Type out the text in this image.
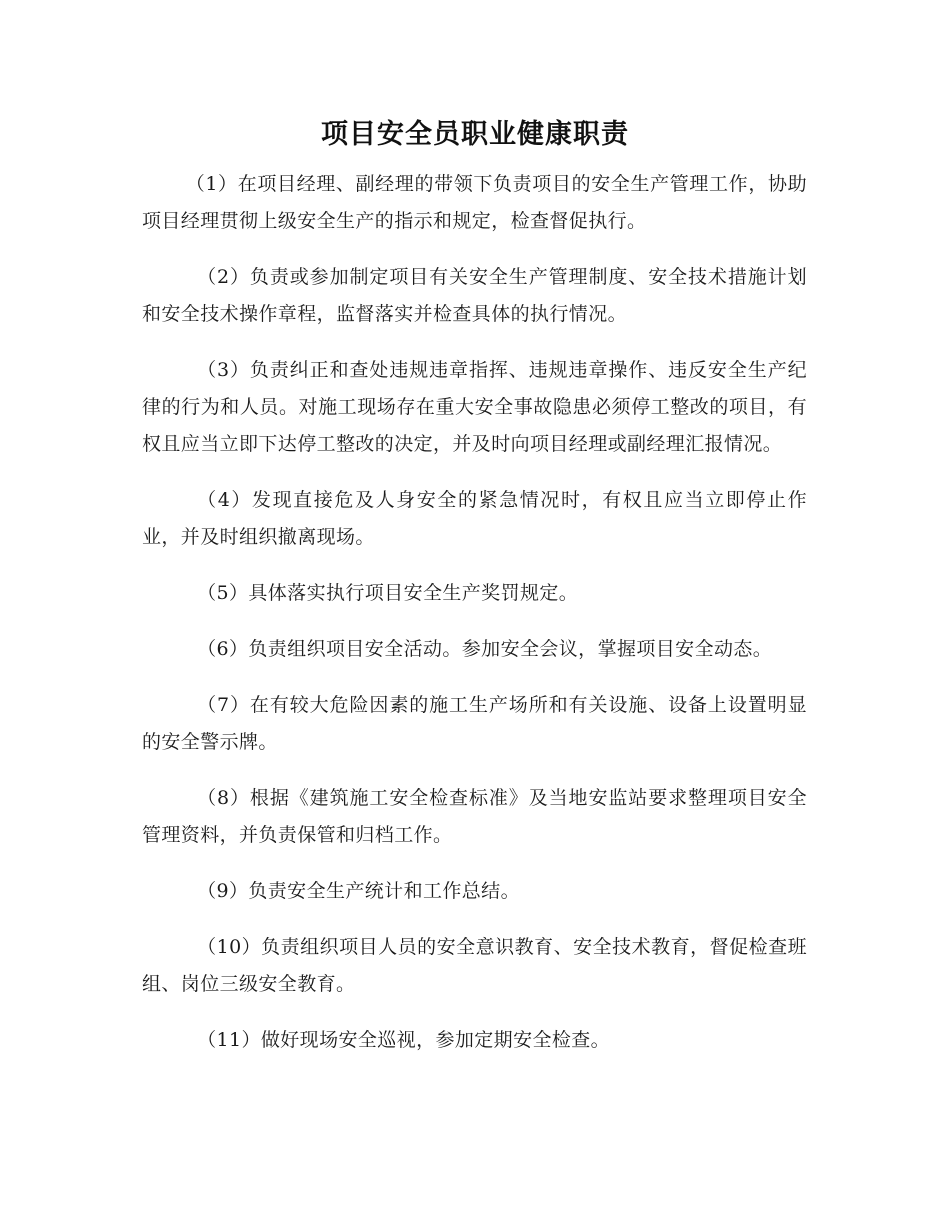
项目安全员职业健康职责

（1）在项目经理、副经理的带领下负责项目的安全生产管理工作，协助项目经理贯彻上级安全生产的指示和规定，检查督促执行。

（2）负责或参加制定项目有关安全生产管理制度、安全技术措施计划和安全技术操作章程，监督落实并检查具体的执行情况。

（3）负责纠正和查处违规违章指挥、违规违章操作、违反安全生产纪律的行为和人员。对施工现场存在重大安全事故隐患必须停工整改的项目，有权且应当立即下达停工整改的决定，并及时向项目经理或副经理汇报情况。

（4）发现直接危及人身安全的紧急情况时，有权且应当立即停止作业，并及时组织撤离现场。

（5）具体落实执行项目安全生产奖罚规定。

（6）负责组织项目安全活动。参加安全会议，掌握项目安全动态。

（7）在有较大危险因素的施工生产场所和有关设施、设备上设置明显的安全警示牌。

（8）根据《建筑施工安全检查标准》及当地安监站要求整理项目安全管理资料，并负责保管和归档工作。

（9）负责安全生产统计和工作总结。

（10）负责组织项目人员的安全意识教育、安全技术教育，督促检查班组、岗位三级安全教育。

（11）做好现场安全巡视，参加定期安全检查。
